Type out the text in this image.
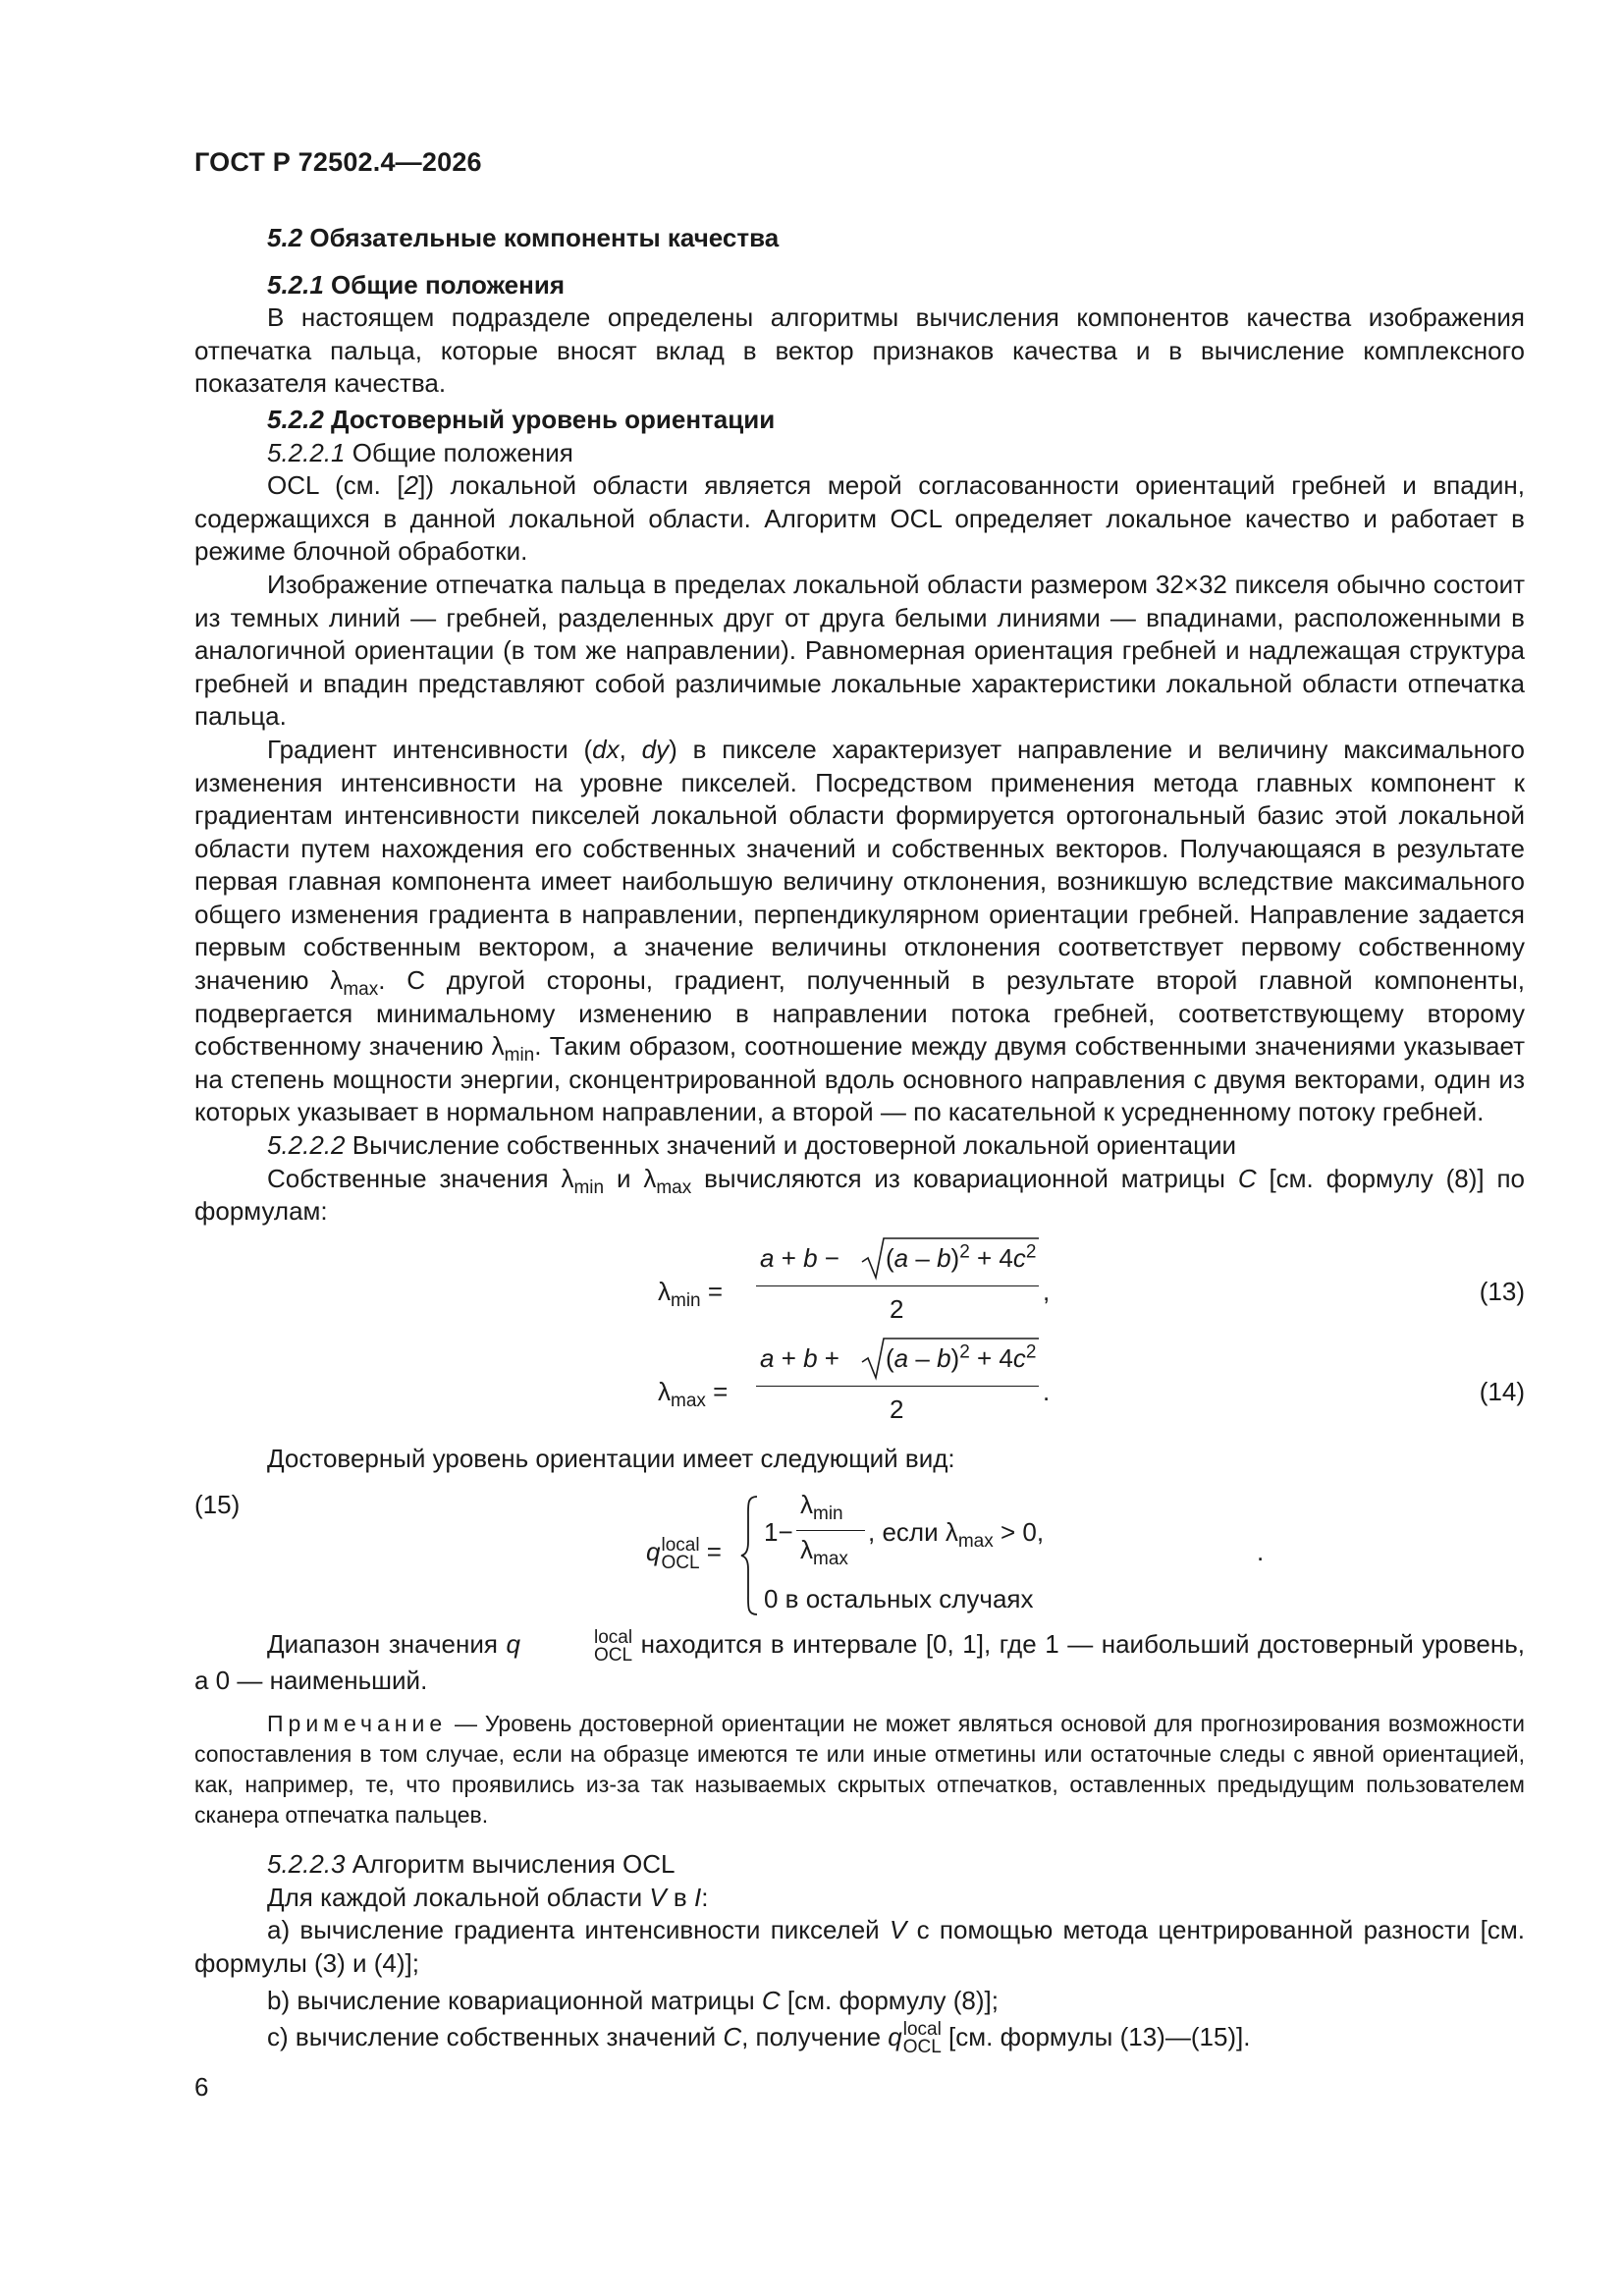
ГОСТ Р 72502.4—2026

5.2 Обязательные компоненты качества

5.2.1 Общие положения

В настоящем подразделе определены алгоритмы вычисления компонентов качества изображения отпечатка пальца, которые вносят вклад в вектор признаков качества и в вычисление комплексного показателя качества.

5.2.2 Достоверный уровень ориентации

5.2.2.1 Общие положения

OCL (см. [2]) локальной области является мерой согласованности ориентаций гребней и впадин, содержащихся в данной локальной области. Алгоритм OCL определяет локальное качество и работает в режиме блочной обработки.

Изображение отпечатка пальца в пределах локальной области размером 32×32 пикселя обычно состоит из темных линий — гребней, разделенных друг от друга белыми линиями — впадинами, расположенными в аналогичной ориентации (в том же направлении). Равномерная ориентация гребней и надлежащая структура гребней и впадин представляют собой различимые локальные характеристики локальной области отпечатка пальца.

Градиент интенсивности (dx, dy) в пикселе характеризует направление и величину максимального изменения интенсивности на уровне пикселей. Посредством применения метода главных компонент к градиентам интенсивности пикселей локальной области формируется ортогональный базис этой локальной области путем нахождения его собственных значений и собственных векторов. Получающаяся в результате первая главная компонента имеет наибольшую величину отклонения, возникшую вследствие максимального общего изменения градиента в направлении, перпендикулярном ориентации гребней. Направление задается первым собственным вектором, а значение величины отклонения соответствует первому собственному значению $\lambda_{max}$. С другой стороны, градиент, полученный в результате второй главной компоненты, подвергается минимальному изменению в направлении потока гребней, соответствующему второму собственному значению $\lambda_{min}$. Таким образом, соотношение между двумя собственными значениями указывает на степень мощности энергии, сконцентрированной вдоль основного направления с двумя векторами, один из которых указывает в нормальном направлении, а второй — по касательной к усредненному потоку гребней.

5.2.2.2 Вычисление собственных значений и достоверной локальной ориентации

Собственные значения $\lambda_{min}$ и $\lambda_{max}$ вычисляются из ковариационной матрицы C [см. формулу (8)] по формулам:

$\lambda_{min}$ =
$a + b - (a - b)^2 + 4c^2$
2
,	(13)
$\lambda_{max}$ =
$a + b + (a - b)^2 + 4c^2$
2
.	(14)

Достоверный уровень ориентации имеет следующий вид:

q local
OCL =
1−
$\lambda_{min}$
$\lambda_{max}$
, если $\lambda_{max} > 0$,
0 в остальных случаях
.
(15)

Диапазон значения q	local
OCL находится в интервале [0, 1], где 1 — наибольший достоверный уровень, а 0 — наименьший.

Примечание — Уровень достоверной ориентации не может являться основой для прогнозирования возможности сопоставления в том случае, если на образце имеются те или иные отметины или остаточные следы с явной ориентацией, как, например, те, что проявились из-за так называемых скрытых отпечатков, оставленных предыдущим пользователем сканера отпечатка пальцев.

5.2.2.3 Алгоритм вычисления OCL

Для каждой локальной области V в I:

a) вычисление градиента интенсивности пикселей V с помощью метода центрированной разности [см. формулы (3) и (4)];

b) вычисление ковариационной матрицы C [см. формулу (8)];

c) вычисление собственных значений C, получение q local
OCL [см. формулы (13)—(15)].

6
